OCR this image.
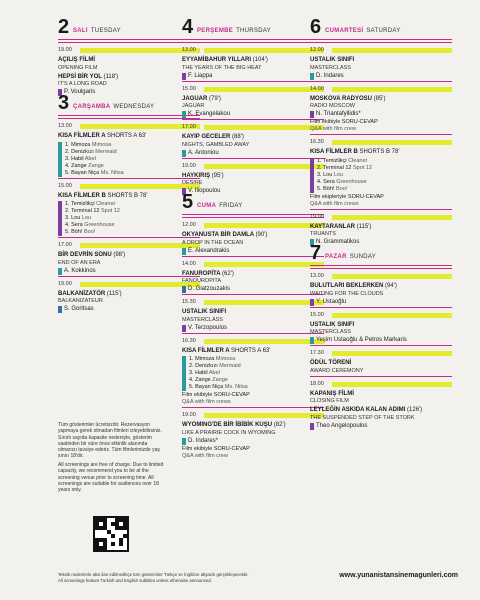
2 SALI TUESDAY
19.00
AÇILIŞ FİLMİ
OPENING FILM
HEPSİ BİR YOL (118')
IT'S A LONG ROAD
P. Voulgaris
3 ÇARŞAMBA WEDNESDAY
13.00
KISA FİLMLER A SHORTS A 63'
1. Mimoza Mimosa
2. Denizkızı Mermaid
3. Habil Abel
4. Zange Zange
5. Bayan Niça Ms. Nitsa
15.00
KISA FİLMLER B SHORTS B 78'
1. Temizlikçi Cleaner
2. Terminal 12 Spot 12
3. Lou Lou
4. Sera Greenhouse
5. Böh! Boo!
17.00
BİR DEVRİN SONU (98')
END OF AN ERA
A. Kokkinos
19.00
BALKANİZATÖR (115')
BALKANIZATEUR
S. Goritsas
4 PERŞEMBE THURSDAY
13.00
EYYAMİBAHUR YILLARI (104')
THE YEARS OF THE BIG HEAT
F. Liappa
15.00
JAGUAR (79')
JAGUAR
K. Evangelakou
17.00
KAYIP GECELER (88')
NIGHTS, GAMBLED AWAY
A. Antoniou
19.00
HAYKIRIŞ (95')
DESIRE
V. Iliopoulou
5 CUMA FRIDAY
12.00
OKYANUSTA BİR DAMLA (90')
A DROP IN THE OCEAN
E. Alexandrakis
14.00
FANUROPİTA (62')
FANOUROPITA
D. Giatzouzakis
15.30
USTALIK SINIFI
MASTERCLASS
V. Terzopoulos
16.30
KISA FİLMLER A SHORTS A 63'
1. Mimoza Mimosa
2. Denizkızı Mermaid
3. Habil Abel
4. Zange Zange
5. Bayan Niça Ms. Nitsa
Film ekibiyle SORU-CEVAP
Q&A with film crews
19.00
WYOMING'DE BİR İBİBİK KUŞU (82')
LIKE A PRAIRIE COCK IN WYOMING
D. Indares*
Film ekibiyle SORU-CEVAP
Q&A with film crew
6 CUMARTESİ SATURDAY
12.00
USTALIK SINIFI
MASTERCLASS
D. Indares
14.00
MOSKOVA RADYOSU (85')
RADIO MOSCOW
N. Triantafyllidis*
Film ekibiyle SORU-CEVAP
Q&A with film crew
16.30
KISA FİLMLER B SHORTS B 78'
1. Temizlikçi Cleaner
2. Terminal 12 Spot 12
3. Lou Lou
4. Sera Greenhouse
5. Böh! Boo!
Film ekipleriyle SORU-CEVAP
Q&A with film crews
19.00
KAYTARANLAR (115')
TRUANTS
N. Grammatikos
7 PAZAR SUNDAY
13.00
BULUTLARI BEKLERKEN (94')
WAITING FOR THE CLOUDS
Y. Ustaoğlu
15.00
USTALIK SINIFI
MASTERCLASS
Yeşim Ustaoğlu & Petros Markaris
17.30
ÖDÜL TÖRENİ
AWARD CEREMONY
18.00
KAPANIŞ FİLMİ
CLOSING FILM
LEYLEĞİN ASKIDA KALAN ADIMI (126')
THE SUSPENDED STEP OF THE STORK
Theo Angelopoulos
Tüm gösterimler ücretsizdir. Rezervasyon yapmaya gerek olmadan filmleri izleyebilirsiniz. Sınırlı sayıda kapasite nedeniyle, gösterim saatinden bir süre önce etkinlik alanında olmanızı tavsiye ederiz. Tüm filmlerimizde yaş sınırı 18'dir.
All screenings are free of charge. Due to limited capacity, we recommend you to be at the screening venue prior to screening time. All screenings are suitable for audiences over 18 years only.
Teknik nedenlerle aksi ilan edilmedikçe tüm gösterimler Türkçe ve İngilizce altyazılı gerçekleşecektir.
All screenings feature Turkish and English subtitles unless otherwise announced.
www.yunanistansinemagunleri.com
